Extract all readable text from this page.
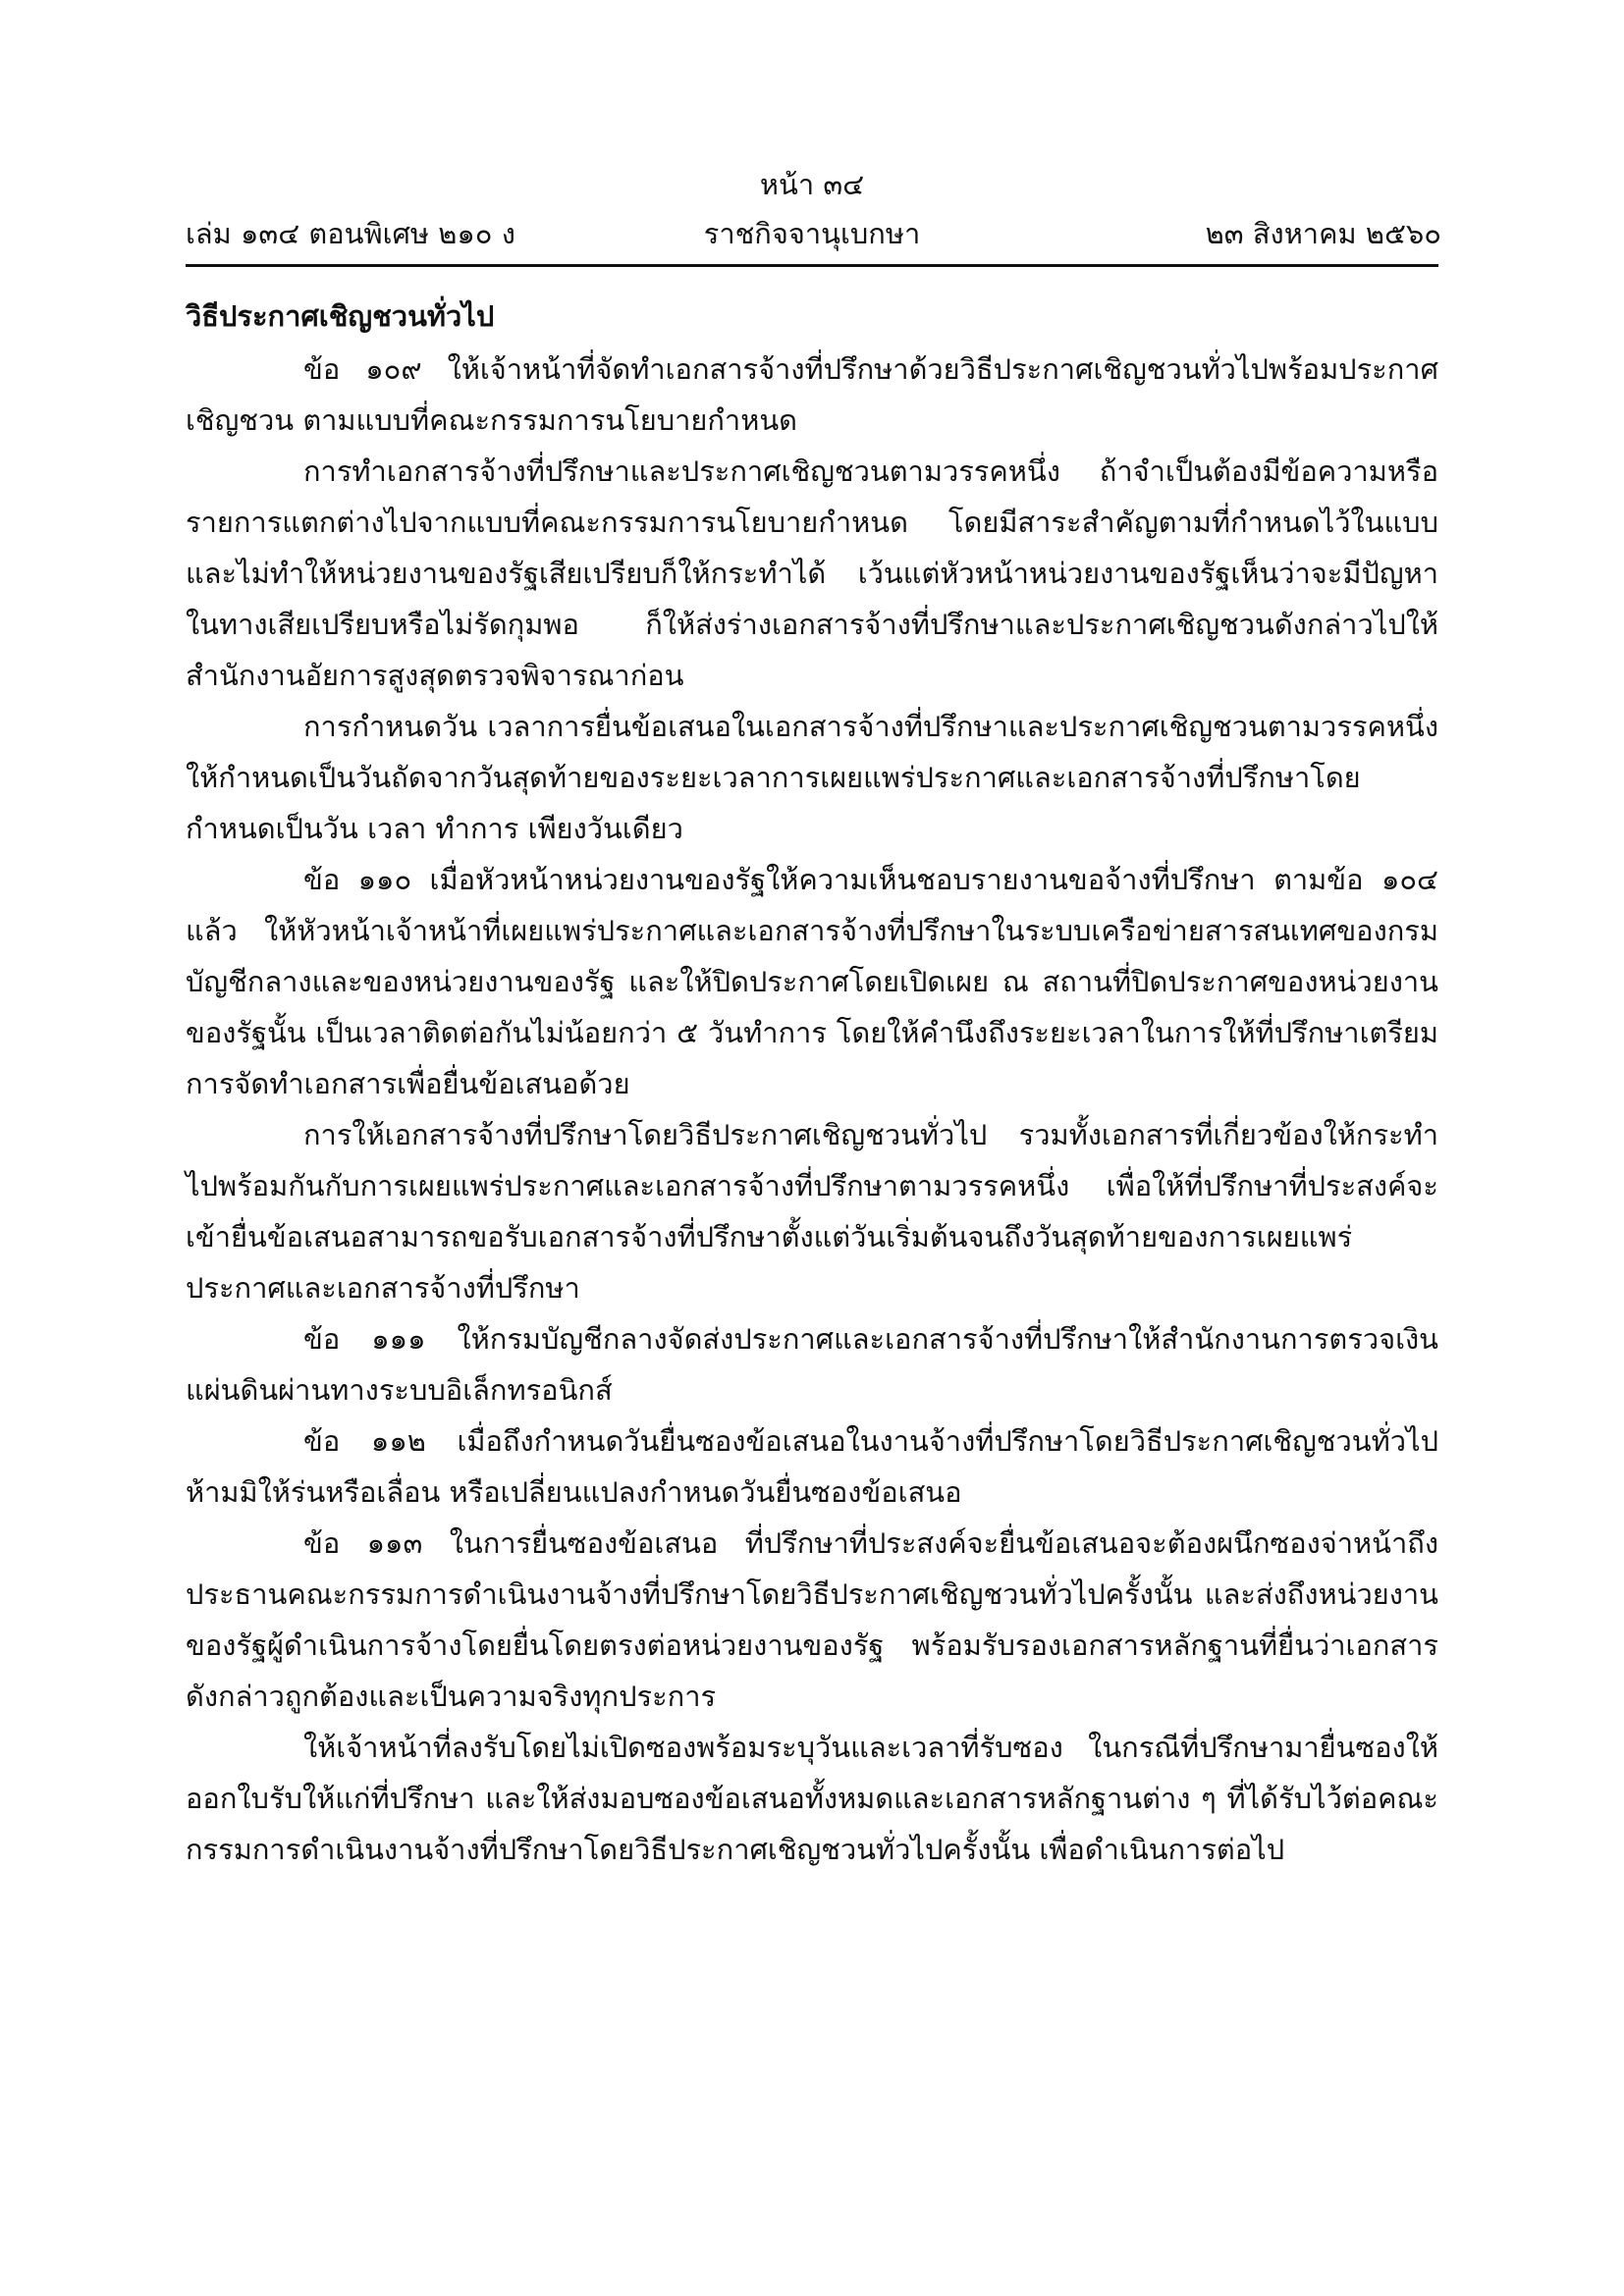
หน้า ๓๔
เล่ม ๑๓๔ ตอนพิเศษ ๒๑๐ ง	ราชกิจจานุเบกษา	๒๓ สิงหาคม ๒๕๖๐

วิธีประกาศเชิญชวนทั่วไป

ข้อ ๑๐๙ ให้เจ้าหน้าที่จัดทำเอกสารจ้างที่ปรึกษาด้วยวิธีประกาศเชิญชวนทั่วไปพร้อมประกาศเชิญชวน ตามแบบที่คณะกรรมการนโยบายกำหนด

การทำเอกสารจ้างที่ปรึกษาและประกาศเชิญชวนตามวรรคหนึ่ง ถ้าจำเป็นต้องมีข้อความหรือรายการแตกต่างไปจากแบบที่คณะกรรมการนโยบายกำหนด โดยมีสาระสำคัญตามที่กำหนดไว้ในแบบและไม่ทำให้หน่วยงานของรัฐเสียเปรียบก็ให้กระทำได้ เว้นแต่หัวหน้าหน่วยงานของรัฐเห็นว่าจะมีปัญหาในทางเสียเปรียบหรือไม่รัดกุมพอ ก็ให้ส่งร่างเอกสารจ้างที่ปรึกษาและประกาศเชิญชวนดังกล่าวไปให้สำนักงานอัยการสูงสุดตรวจพิจารณาก่อน

การกำหนดวัน เวลาการยื่นข้อเสนอในเอกสารจ้างที่ปรึกษาและประกาศเชิญชวนตามวรรคหนึ่ง ให้กำหนดเป็นวันถัดจากวันสุดท้ายของระยะเวลาการเผยแพร่ประกาศและเอกสารจ้างที่ปรึกษาโดยกำหนดเป็นวัน เวลา ทำการ เพียงวันเดียว

ข้อ ๑๑๐ เมื่อหัวหน้าหน่วยงานของรัฐให้ความเห็นชอบรายงานขอจ้างที่ปรึกษา ตามข้อ ๑๐๔ แล้ว ให้หัวหน้าเจ้าหน้าที่เผยแพร่ประกาศและเอกสารจ้างที่ปรึกษาในระบบเครือข่ายสารสนเทศของกรมบัญชีกลางและของหน่วยงานของรัฐ และให้ปิดประกาศโดยเปิดเผย ณ สถานที่ปิดประกาศของหน่วยงานของรัฐนั้น เป็นเวลาติดต่อกันไม่น้อยกว่า ๕ วันทำการ โดยให้คำนึงถึงระยะเวลาในการให้ที่ปรึกษาเตรียมการจัดทำเอกสารเพื่อยื่นข้อเสนอด้วย

การให้เอกสารจ้างที่ปรึกษาโดยวิธีประกาศเชิญชวนทั่วไป รวมทั้งเอกสารที่เกี่ยวข้องให้กระทำไปพร้อมกันกับการเผยแพร่ประกาศและเอกสารจ้างที่ปรึกษาตามวรรคหนึ่ง เพื่อให้ที่ปรึกษาที่ประสงค์จะเข้ายื่นข้อเสนอสามารถขอรับเอกสารจ้างที่ปรึกษาตั้งแต่วันเริ่มต้นจนถึงวันสุดท้ายของการเผยแพร่ประกาศและเอกสารจ้างที่ปรึกษา

ข้อ ๑๑๑ ให้กรมบัญชีกลางจัดส่งประกาศและเอกสารจ้างที่ปรึกษาให้สำนักงานการตรวจเงินแผ่นดินผ่านทางระบบอิเล็กทรอนิกส์

ข้อ ๑๑๒ เมื่อถึงกำหนดวันยื่นซองข้อเสนอในงานจ้างที่ปรึกษาโดยวิธีประกาศเชิญชวนทั่วไปห้ามมิให้ร่นหรือเลื่อน หรือเปลี่ยนแปลงกำหนดวันยื่นซองข้อเสนอ

ข้อ ๑๑๓ ในการยื่นซองข้อเสนอ ที่ปรึกษาที่ประสงค์จะยื่นข้อเสนอจะต้องผนึกซองจ่าหน้าถึงประธานคณะกรรมการดำเนินงานจ้างที่ปรึกษาโดยวิธีประกาศเชิญชวนทั่วไปครั้งนั้น และส่งถึงหน่วยงานของรัฐผู้ดำเนินการจ้างโดยยื่นโดยตรงต่อหน่วยงานของรัฐ พร้อมรับรองเอกสารหลักฐานที่ยื่นว่าเอกสารดังกล่าวถูกต้องและเป็นความจริงทุกประการ

ให้เจ้าหน้าที่ลงรับโดยไม่เปิดซองพร้อมระบุวันและเวลาที่รับซอง ในกรณีที่ปรึกษามายื่นซองให้ออกใบรับให้แก่ที่ปรึกษา และให้ส่งมอบซองข้อเสนอทั้งหมดและเอกสารหลักฐานต่าง ๆ ที่ได้รับไว้ต่อคณะกรรมการดำเนินงานจ้างที่ปรึกษาโดยวิธีประกาศเชิญชวนทั่วไปครั้งนั้น เพื่อดำเนินการต่อไป
